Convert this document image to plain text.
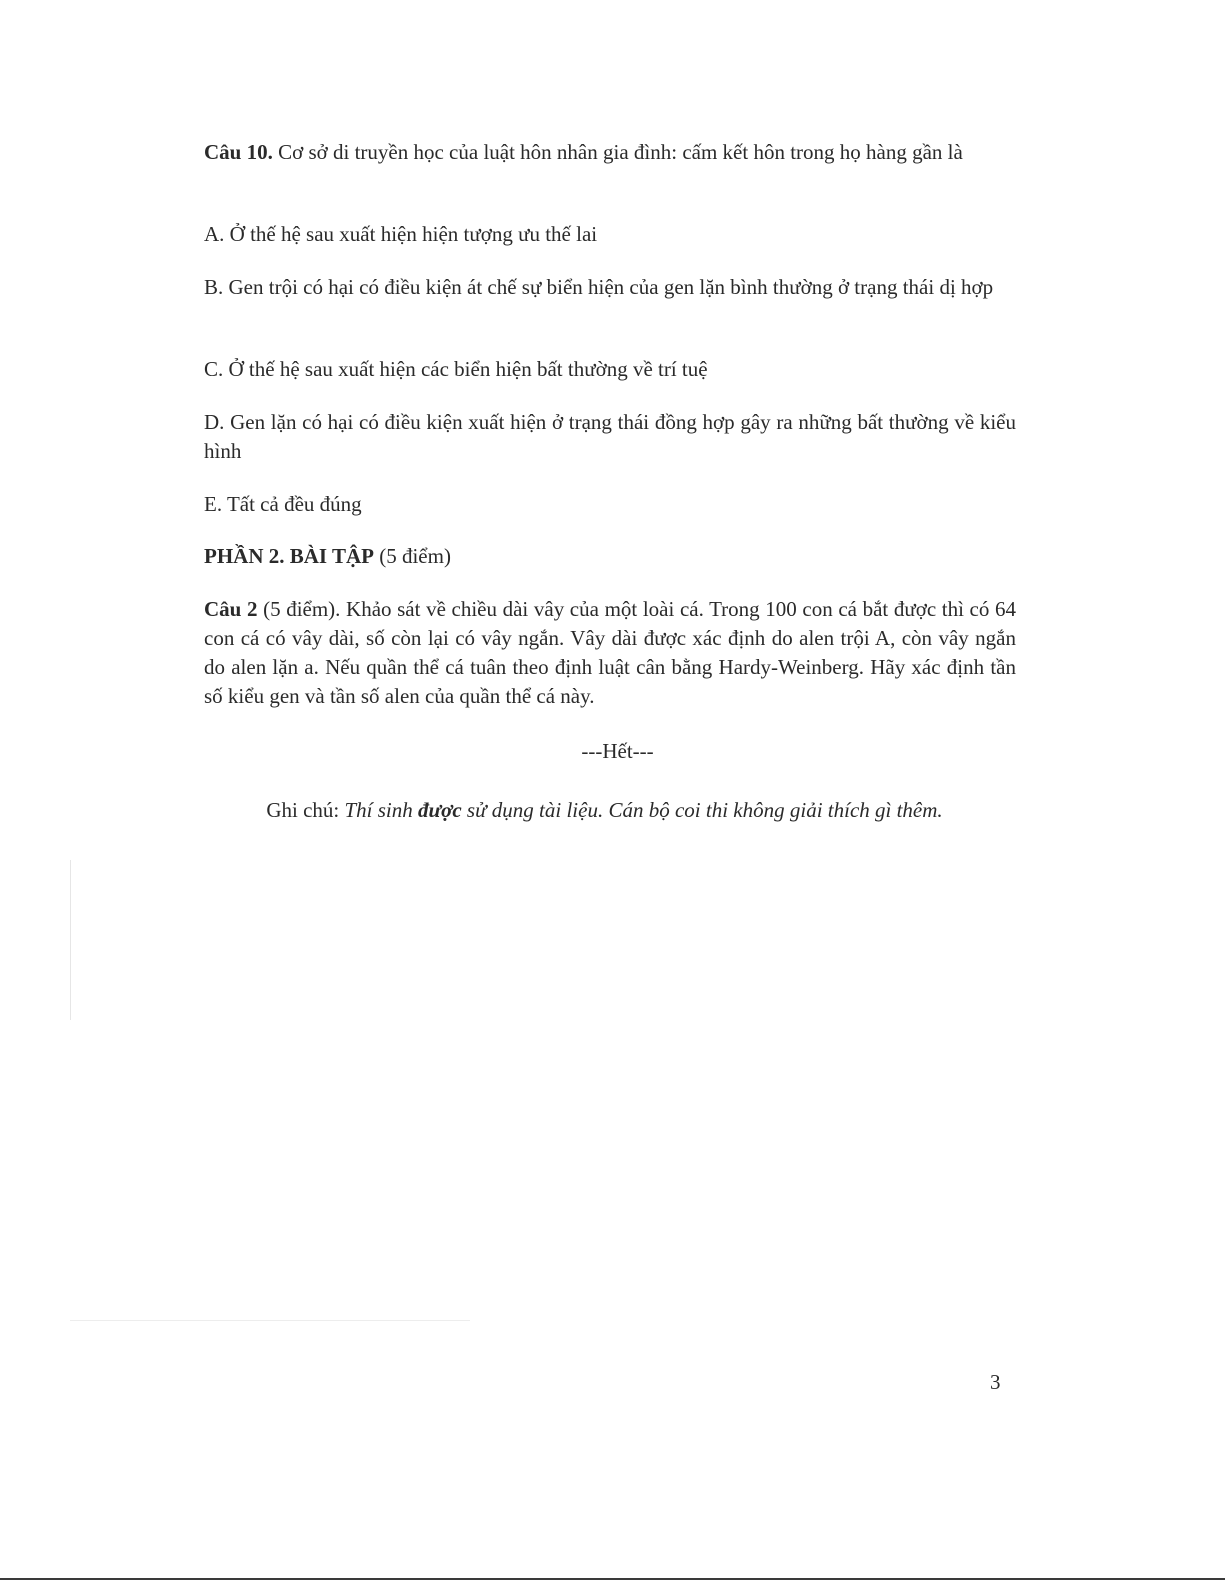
Câu 10. Cơ sở di truyền học của luật hôn nhân gia đình: cấm kết hôn trong họ hàng gần là
A. Ở thế hệ sau xuất hiện hiện tượng ưu thế lai
B. Gen trội có hại có điều kiện át chế sự biển hiện của gen lặn bình thường ở trạng thái dị hợp
C. Ở thế hệ sau xuất hiện các biển hiện bất thường về trí tuệ
D. Gen lặn có hại có điều kiện xuất hiện ở trạng thái đồng hợp gây ra những bất thường về kiểu hình
E. Tất cả đều đúng
PHẦN 2. BÀI TẬP (5 điểm)
Câu 2 (5 điểm). Khảo sát về chiều dài vây của một loài cá. Trong 100 con cá bắt được thì có 64 con cá có vây dài, số còn lại có vây ngắn. Vây dài được xác định do alen trội A, còn vây ngắn do alen lặn a. Nếu quần thể cá tuân theo định luật cân bằng Hardy-Weinberg. Hãy xác định tần số kiểu gen và tần số alen của quần thể cá này.
---Hết---
Ghi chú: Thí sinh được sử dụng tài liệu. Cán bộ coi thi không giải thích gì thêm.
3
